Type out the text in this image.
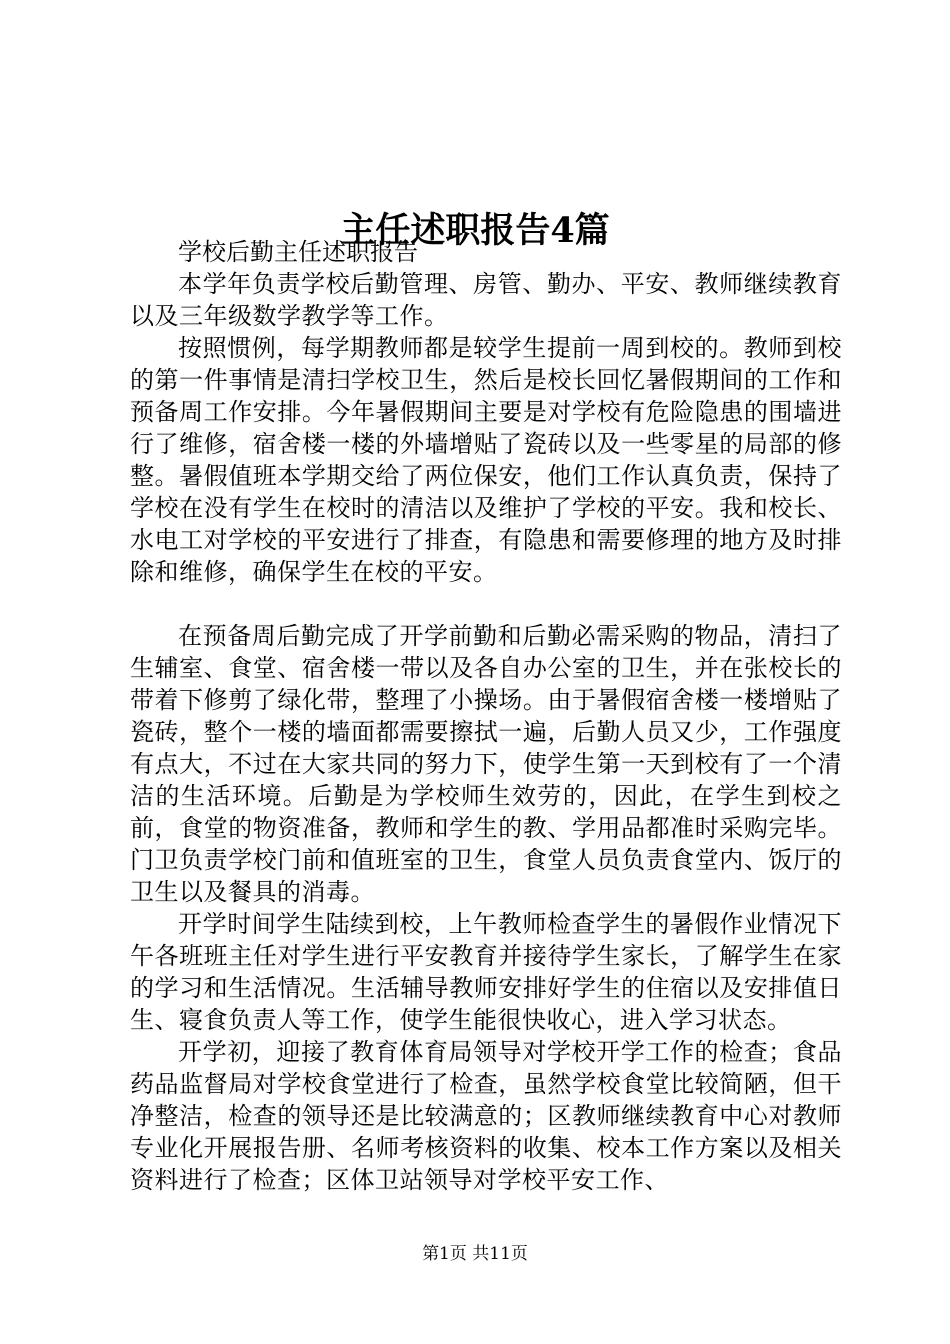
主任述职报告4篇

学校后勤主任述职报告

本学年负责学校后勤管理、房管、勤办、平安、教师继续教育以及三年级数学教学等工作。

按照惯例，每学期教师都是较学生提前一周到校的。教师到校的第一件事情是清扫学校卫生，然后是校长回忆暑假期间的工作和预备周工作安排。今年暑假期间主要是对学校有危险隐患的围墙进行了维修，宿舍楼一楼的外墙增贴了瓷砖以及一些零星的局部的修整。暑假值班本学期交给了两位保安，他们工作认真负责，保持了学校在没有学生在校时的清洁以及维护了学校的平安。我和校长、水电工对学校的平安进行了排查，有隐患和需要修理的地方及时排除和维修，确保学生在校的平安。

在预备周后勤完成了开学前勤和后勤必需采购的物品，清扫了生辅室、食堂、宿舍楼一带以及各自办公室的卫生，并在张校长的带着下修剪了绿化带，整理了小操场。由于暑假宿舍楼一楼增贴了瓷砖，整个一楼的墙面都需要擦拭一遍，后勤人员又少，工作强度有点大，不过在大家共同的努力下，使学生第一天到校有了一个清洁的生活环境。后勤是为学校师生效劳的，因此，在学生到校之前，食堂的物资准备，教师和学生的教、学用品都准时采购完毕。门卫负责学校门前和值班室的卫生，食堂人员负责食堂内、饭厅的卫生以及餐具的消毒。

开学时间学生陆续到校，上午教师检查学生的暑假作业情况下午各班班主任对学生进行平安教育并接待学生家长，了解学生在家的学习和生活情况。生活辅导教师安排好学生的住宿以及安排值日生、寝食负责人等工作，使学生能很快收心，进入学习状态。

开学初，迎接了教育体育局领导对学校开学工作的检查；食品药品监督局对学校食堂进行了检查，虽然学校食堂比较简陋，但干净整洁，检查的领导还是比较满意的；区教师继续教育中心对教师专业化开展报告册、名师考核资料的收集、校本工作方案以及相关资料进行了检查；区体卫站领导对学校平安工作、

第1页 共11页
